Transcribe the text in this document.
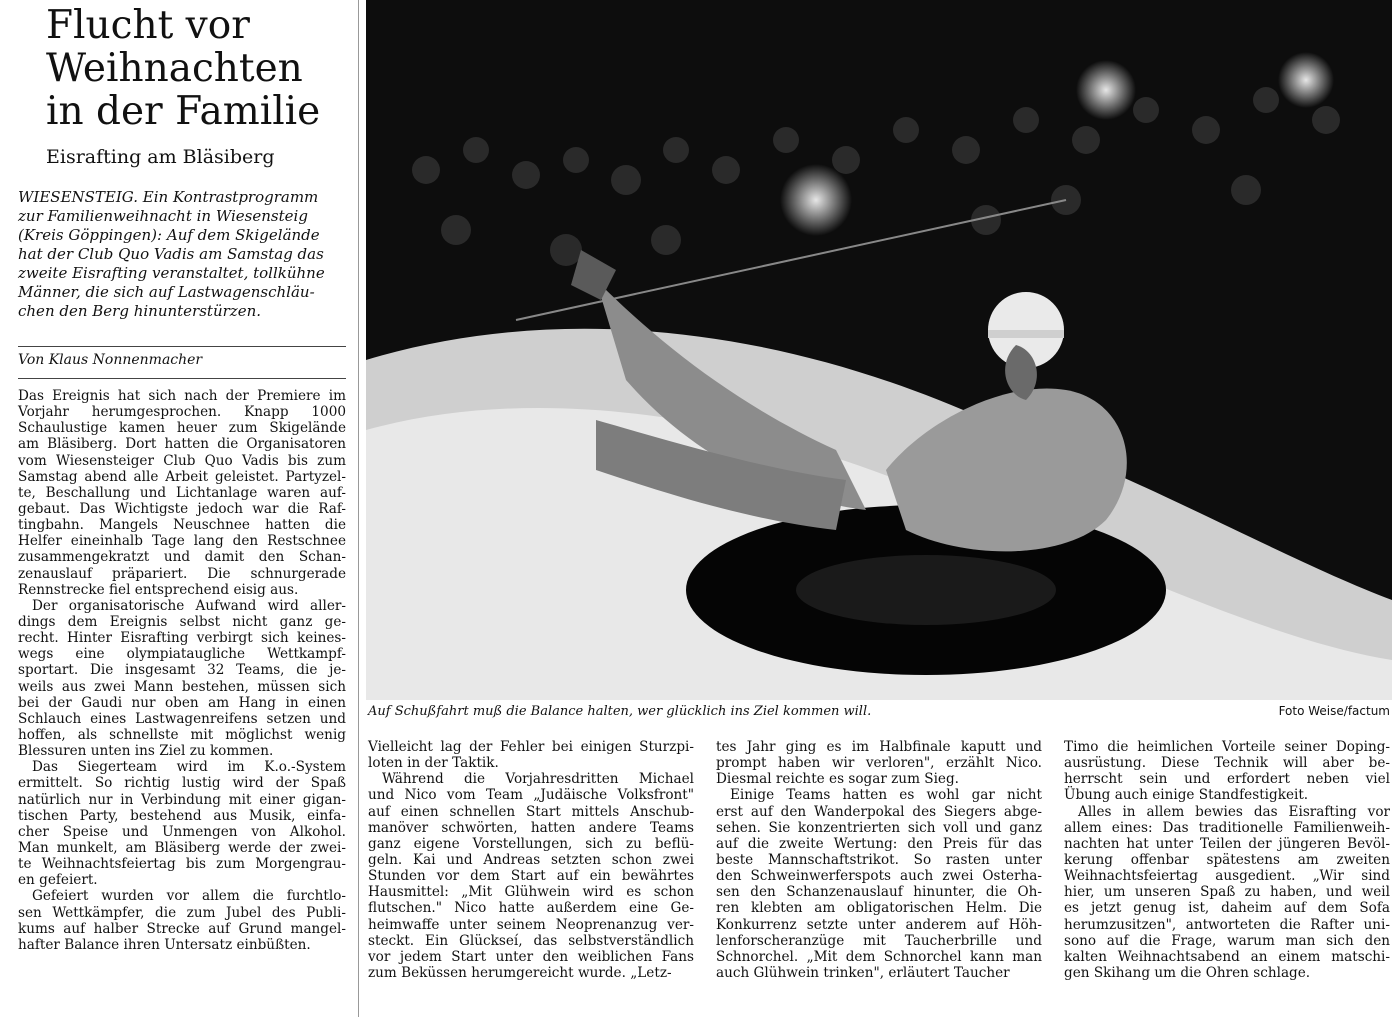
Flucht vor
Weihnachten
in der Familie
Eisrafting am Bläsiberg
WIESENSTEIG. Ein Kontrastprogramm
zur Familienweihnacht in Wiesensteig
(Kreis Göppingen): Auf dem Skigelände
hat der Club Quo Vadis am Samstag das
zweite Eisrafting veranstaltet, tollkühne
Männer, die sich auf Lastwagenschläu-
chen den Berg hinunterstürzen.
Von Klaus Nonnenmacher
Das Ereignis hat sich nach der Premiere im
Vorjahr herumgesprochen. Knapp 1000
Schaulustige kamen heuer zum Skigelände
am Bläsiberg. Dort hatten die Organisatoren
vom Wiesensteiger Club Quo Vadis bis zum
Samstag abend alle Arbeit geleistet. Partyzel-
te, Beschallung und Lichtanlage waren auf-
gebaut. Das Wichtigste jedoch war die Raf-
tingbahn. Mangels Neuschnee hatten die
Helfer eineinhalb Tage lang den Restschnee
zusammengekratzt und damit den Schan-
zenauslauf präpariert. Die schnurgerade
Rennstrecke fiel entsprechend eisig aus.
Der organisatorische Aufwand wird aller-
dings dem Ereignis selbst nicht ganz ge-
recht. Hinter Eisrafting verbirgt sich keines-
wegs eine olympiataugliche Wettkampf-
sportart. Die insgesamt 32 Teams, die je-
weils aus zwei Mann bestehen, müssen sich
bei der Gaudi nur oben am Hang in einen
Schlauch eines Lastwagenreifens setzen und
hoffen, als schnellste mit möglichst wenig
Blessuren unten ins Ziel zu kommen.
Das Siegerteam wird im K.o.-System
ermittelt. So richtig lustig wird der Spaß
natürlich nur in Verbindung mit einer gigan-
tischen Party, bestehend aus Musik, einfa-
cher Speise und Unmengen von Alkohol.
Man munkelt, am Bläsiberg werde der zwei-
te Weihnachtsfeiertag bis zum Morgengrau-
en gefeiert.
Gefeiert wurden vor allem die furchtlo-
sen Wettkämpfer, die zum Jubel des Publi-
kums auf halber Strecke auf Grund mangel-
hafter Balance ihren Untersatz einbüßten.
Auf Schußfahrt muß die Balance halten, wer glücklich ins Ziel kommen will.	Foto Weise/factum
Vielleicht lag der Fehler bei einigen Sturzpi-
loten in der Taktik.
Während die Vorjahresdritten Michael
und Nico vom Team „Judäische Volksfront"
auf einen schnellen Start mittels Anschub-
manöver schwörten, hatten andere Teams
ganz eigene Vorstellungen, sich zu beflü-
geln. Kai und Andreas setzten schon zwei
Stunden vor dem Start auf ein bewährtes
Hausmittel: „Mit Glühwein wird es schon
flutschen." Nico hatte außerdem eine Ge-
heimwaffe unter seinem Neoprenanzug ver-
steckt. Ein Glückseí, das selbstverständlich
vor jedem Start unter den weiblichen Fans
zum Beküssen herumgereicht wurde. „Letz-
tes Jahr ging es im Halbfinale kaputt und
prompt haben wir verloren", erzählt Nico.
Diesmal reichte es sogar zum Sieg.
Einige Teams hatten es wohl gar nicht
erst auf den Wanderpokal des Siegers abge-
sehen. Sie konzentrierten sich voll und ganz
auf die zweite Wertung: den Preis für das
beste Mannschaftstrikot. So rasten unter
den Schweinwerferspots auch zwei Osterha-
sen den Schanzenauslauf hinunter, die Oh-
ren klebten am obligatorischen Helm. Die
Konkurrenz setzte unter anderem auf Höh-
lenforscheranzüge mit Taucherbrille und
Schnorchel. „Mit dem Schnorchel kann man
auch Glühwein trinken", erläutert Taucher
Timo die heimlichen Vorteile seiner Doping-
ausrüstung. Diese Technik will aber be-
herrscht sein und erfordert neben viel
Übung auch einige Standfestigkeit.
Alles in allem bewies das Eisrafting vor
allem eines: Das traditionelle Familienweih-
nachten hat unter Teilen der jüngeren Bevöl-
kerung offenbar spätestens am zweiten
Weihnachtsfeiertag ausgedient. „Wir sind
hier, um unseren Spaß zu haben, und weil
es jetzt genug ist, daheim auf dem Sofa
herumzusitzen", antworteten die Rafter uni-
sono auf die Frage, warum man sich den
kalten Weihnachtsabend an einem matschi-
gen Skihang um die Ohren schlage.
